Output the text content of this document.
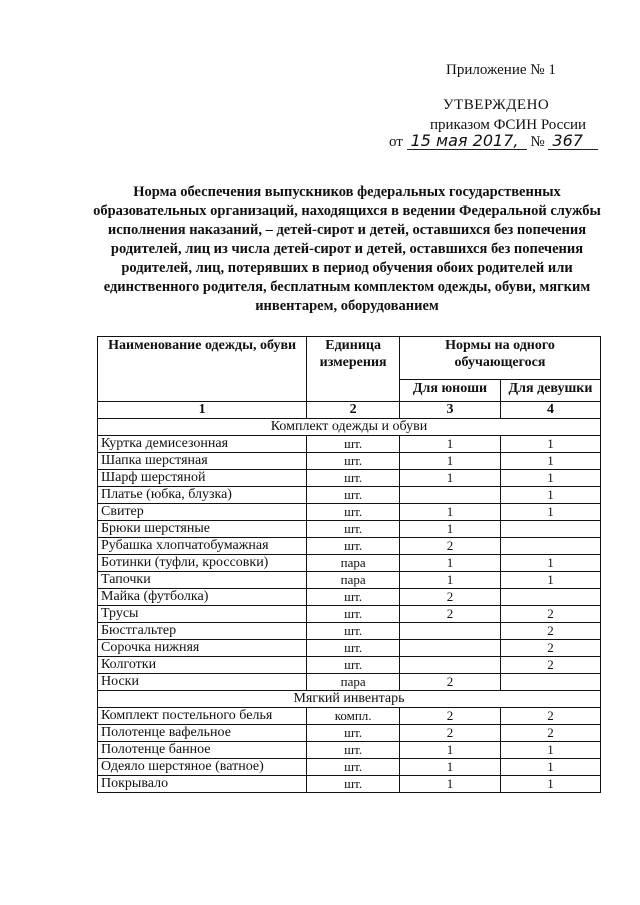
Приложение № 1
УТВЕРЖДЕНО
приказом ФСИН России
от 15 мая 2017, № 367
Норма обеспечения выпускников федеральных государственных образовательных организаций, находящихся в ведении Федеральной службы исполнения наказаний, – детей-сирот и детей, оставшихся без попечения родителей, лиц из числа детей-сирот и детей, оставшихся без попечения родителей, лиц, потерявших в период обучения обоих родителей или единственного родителя, бесплатным комплектом одежды, обуви, мягким инвентарем, оборудованием
Наименование одежды, обуви	Единица измерения	Нормы на одного обучающегося	
		Для юноши	Для девушки
1	2	3	4
Комплект одежды и обуви			
Куртка демисезонная	шт.	1	1
Шапка шерстяная	шт.	1	1
Шарф шерстяной	шт.	1	1
Платье (юбка, блузка)	шт.		1
Свитер	шт.	1	1
Брюки шерстяные	шт.	1	
Рубашка хлопчатобумажная	шт.	2	
Ботинки (туфли, кроссовки)	пара	1	1
Тапочки	пара	1	1
Майка (футболка)	шт.	2	
Трусы	шт.	2	2
Бюстгальтер	шт.		2
Сорочка нижняя	шт.		2
Колготки	шт.		2
Носки	пара	2	
Мягкий инвентарь			
Комплект постельного белья	компл.	2	2
Полотенце вафельное	шт.	2	2
Полотенце банное	шт.	1	1
Одеяло шерстяное (ватное)	шт.	1	1
Покрывало	шт.	1	1
